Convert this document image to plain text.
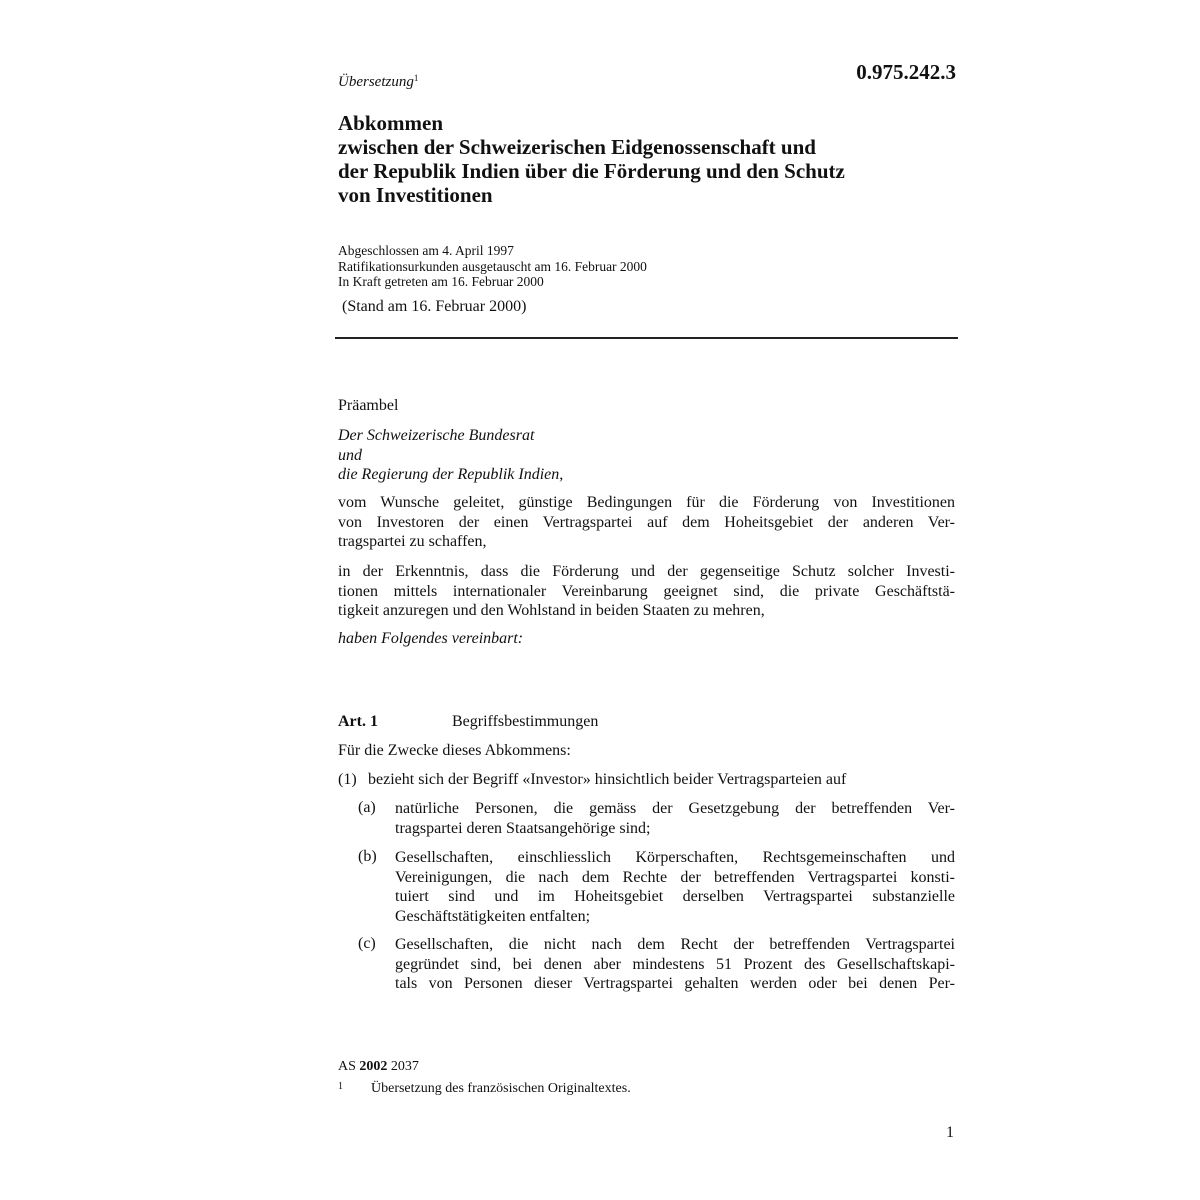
Übersetzung$^1$	0.975.242.3
Abkommen
zwischen der Schweizerischen Eidgenossenschaft und
der Republik Indien über die Förderung und den Schutz
von Investitionen
Abgeschlossen am 4. April 1997
Ratifikationsurkunden ausgetauscht am 16. Februar 2000
In Kraft getreten am 16. Februar 2000
(Stand am 16. Februar 2000)
Präambel
Der Schweizerische Bundesrat
und
die Regierung der Republik Indien,
vom Wunsche geleitet, günstige Bedingungen für die Förderung von Investitionen
von Investoren der einen Vertragspartei auf dem Hoheitsgebiet der anderen Ver-
tragspartei zu schaffen,
in der Erkenntnis, dass die Förderung und der gegenseitige Schutz solcher Investi-
tionen mittels internationaler Vereinbarung geeignet sind, die private Geschäftstä-
tigkeit anzuregen und den Wohlstand in beiden Staaten zu mehren,
haben Folgendes vereinbart:
Art. 1	Begriffsbestimmungen
Für die Zwecke dieses Abkommens:
(1) bezieht sich der Begriff «Investor» hinsichtlich beider Vertragsparteien auf
(a) natürliche Personen, die gemäss der Gesetzgebung der betreffenden Ver-
tragspartei deren Staatsangehörige sind;
(b) Gesellschaften, einschliesslich Körperschaften, Rechtsgemeinschaften und
Vereinigungen, die nach dem Rechte der betreffenden Vertragspartei konsti-
tuiert sind und im Hoheitsgebiet derselben Vertragspartei substanzielle
Geschäftstätigkeiten entfalten;
(c) Gesellschaften, die nicht nach dem Recht der betreffenden Vertragspartei
gegründet sind, bei denen aber mindestens 51 Prozent des Gesellschaftskapi-
tals von Personen dieser Vertragspartei gehalten werden oder bei denen Per-
AS 2002 2037
1 Übersetzung des französischen Originaltextes.
1
